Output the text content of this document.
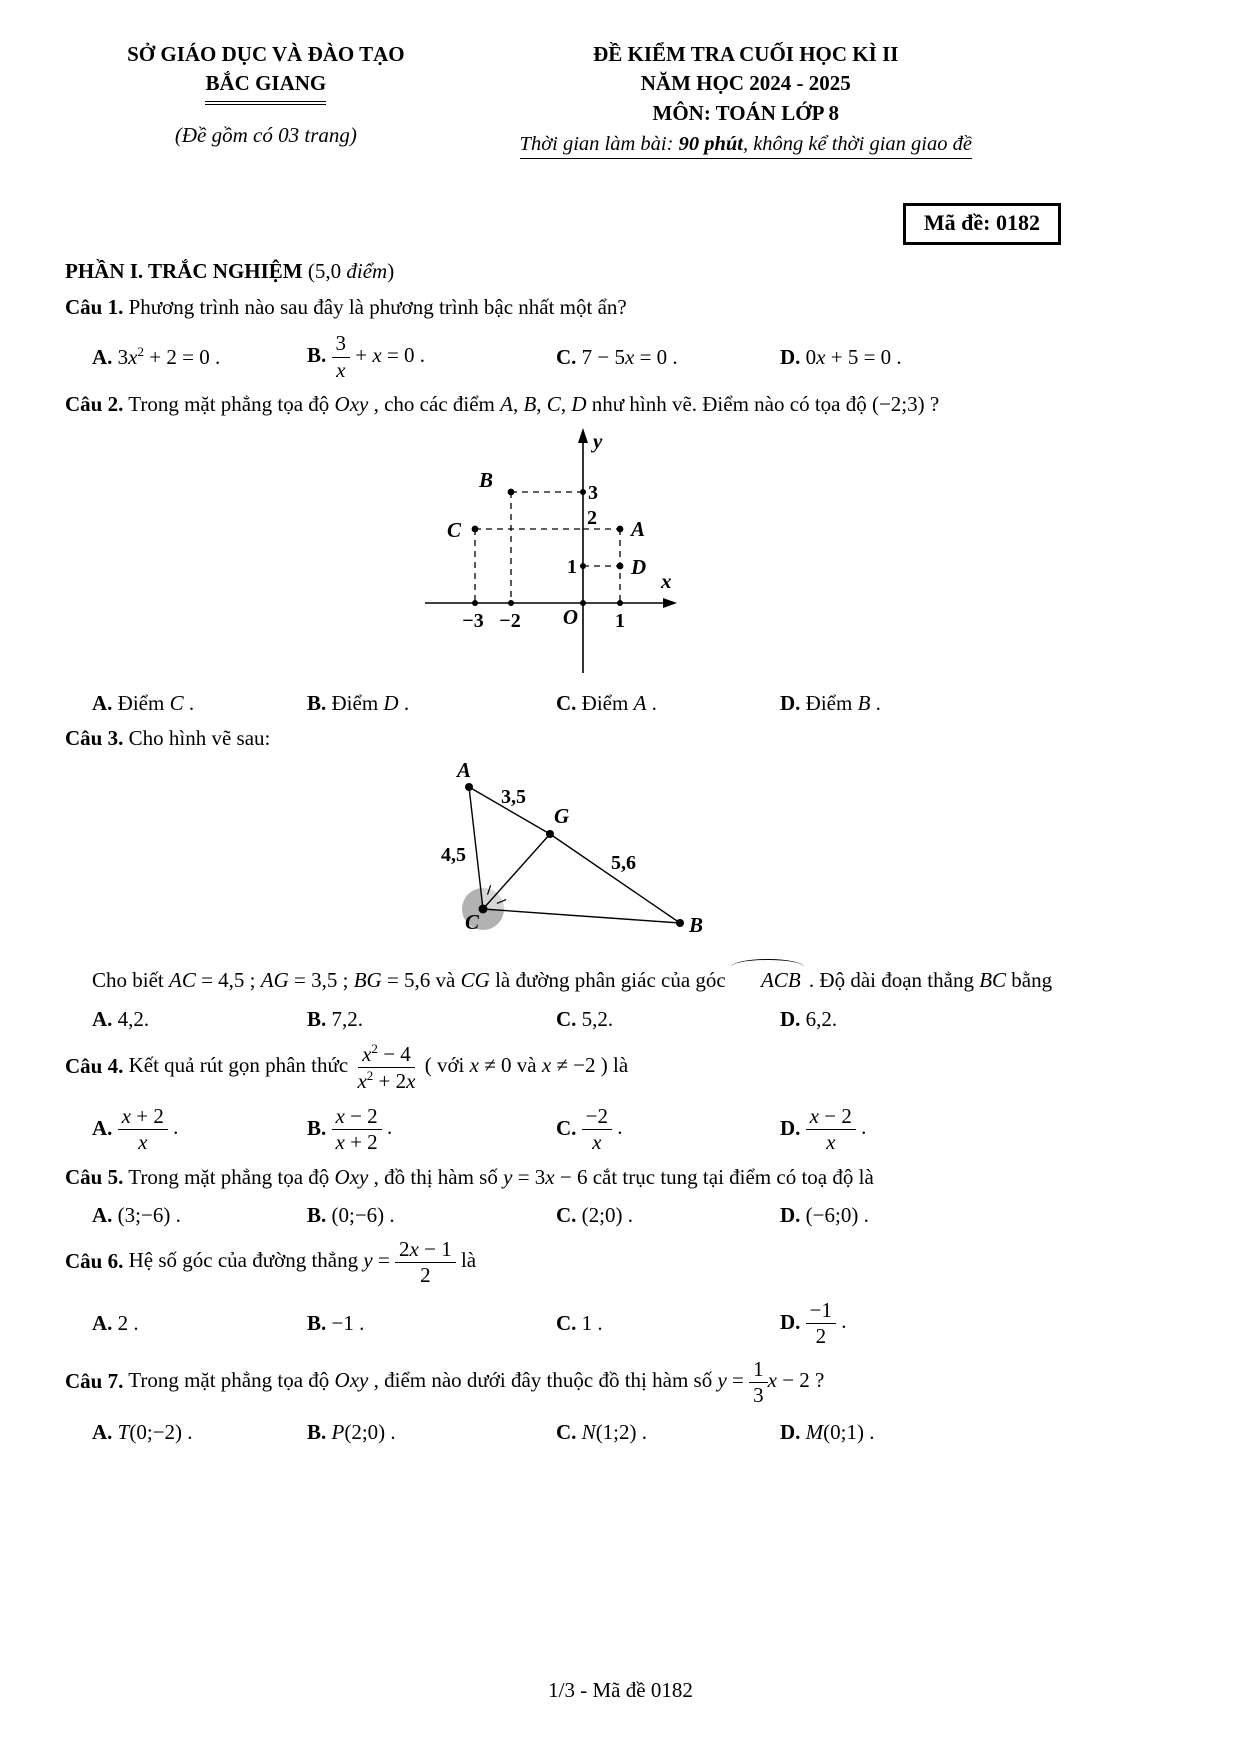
SỞ GIÁO DỤC VÀ ĐÀO TẠO
BẮC GIANG
(Đề gồm có 03 trang)
ĐỀ KIỂM TRA CUỐI HỌC KÌ II
NĂM HỌC 2024 - 2025
MÔN: TOÁN LỚP 8
Thời gian làm bài: 90 phút, không kể thời gian giao đề
Mã đề: 0182
PHẦN I. TRẮC NGHIỆM (5,0 điểm)

Câu 1. Phương trình nào sau đây là phương trình bậc nhất một ẩn?

A. $3x^2 + 2 = 0$ .	B. $\frac{3}{x} + x = 0$ .	C. 7 − 5x = 0 .	D. 0x + 5 = 0 .

Câu 2. Trong mặt phẳng tọa độ Oxy , cho các điểm A, B, C, D như hình vẽ. Điểm nào có tọa độ (−2;3) ?

y
x
O
B
C	A
D
3
2
1
−3 −2	1
A. Điểm C .	B. Điểm D .	C. Điểm A .	D. Điểm B .

Câu 3. Cho hình vẽ sau:

A
G
B
C
3,5
4,5	5,6

Cho biết AC = 4,5 ; AG = 3,5 ; BG = 5,6 và CG là đường phân giác của góc ACB . Độ dài đoạn thẳng BC bằng

A. 4,2.	B. 7,2.	C. 5,2.	D. 6,2.

Câu 4. Kết quả rút gọn phân thức $\frac{x^2 - 4}{x^2 + 2x}$ ( với x ≠ 0 và x ≠ −2 ) là

A. $\frac{x + 2}{x}$ .	B. $\frac{x - 2}{x + 2}$ .	C. $\frac{-2}{x}$ .	D. $\frac{x - 2}{x}$ .

Câu 5. Trong mặt phẳng tọa độ Oxy , đồ thị hàm số y = 3x − 6 cắt trục tung tại điểm có toạ độ là

A. (3;−6) .	B. (0;−6) .	C. (2;0) .	D. (−6;0) .

Câu 6. Hệ số góc của đường thẳng $y = \frac{2x - 1}{2}$ là

A. 2 .	B. −1 .	C. 1 .	D. $\frac{-1}{2}$ .

Câu 7. Trong mặt phẳng tọa độ Oxy , điểm nào dưới đây thuộc đồ thị hàm số $y = \frac{1}{3}$ x − 2 ?

A. T(0;−2) .	B. P(2;0) .	C. N(1;2) .	D. M(0;1) .
1/3 - Mã đề 0182
